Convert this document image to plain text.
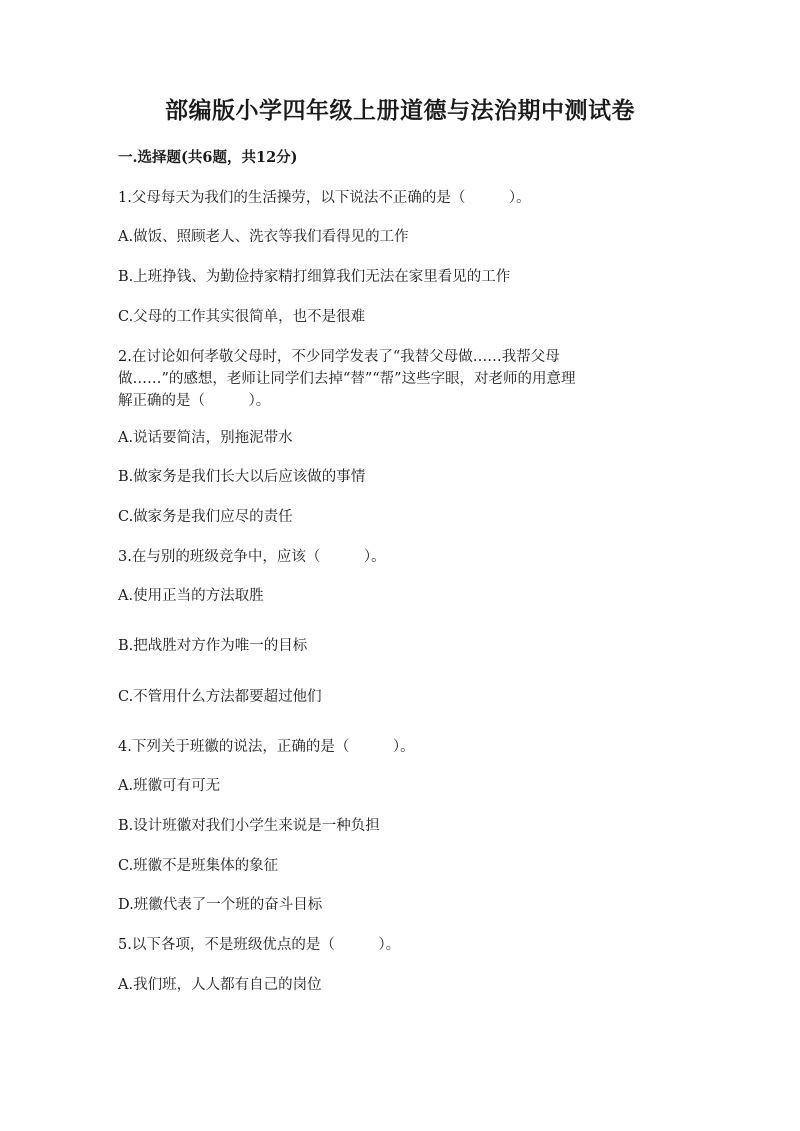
部编版小学四年级上册道德与法治期中测试卷
一.选择题(共6题，共12分)
1.父母每天为我们的生活操劳，以下说法不正确的是（　　　）。
A.做饭、照顾老人、洗衣等我们看得见的工作
B.上班挣钱、为勤俭持家精打细算我们无法在家里看见的工作
C.父母的工作其实很简单，也不是很难
2.在讨论如何孝敬父母时，不少同学发表了“我替父母做……我帮父母
做……”的感想，老师让同学们去掉“替”“帮”这些字眼，对老师的用意理
解正确的是（　　　）。
A.说话要简洁，别拖泥带水
B.做家务是我们长大以后应该做的事情
C.做家务是我们应尽的责任
3.在与别的班级竞争中，应该（　　　）。
A.使用正当的方法取胜
B.把战胜对方作为唯一的目标
C.不管用什么方法都要超过他们
4.下列关于班徽的说法，正确的是（　　　）。
A.班徽可有可无
B.设计班徽对我们小学生来说是一种负担
C.班徽不是班集体的象征
D.班徽代表了一个班的奋斗目标
5.以下各项，不是班级优点的是（　　　）。
A.我们班，人人都有自己的岗位
